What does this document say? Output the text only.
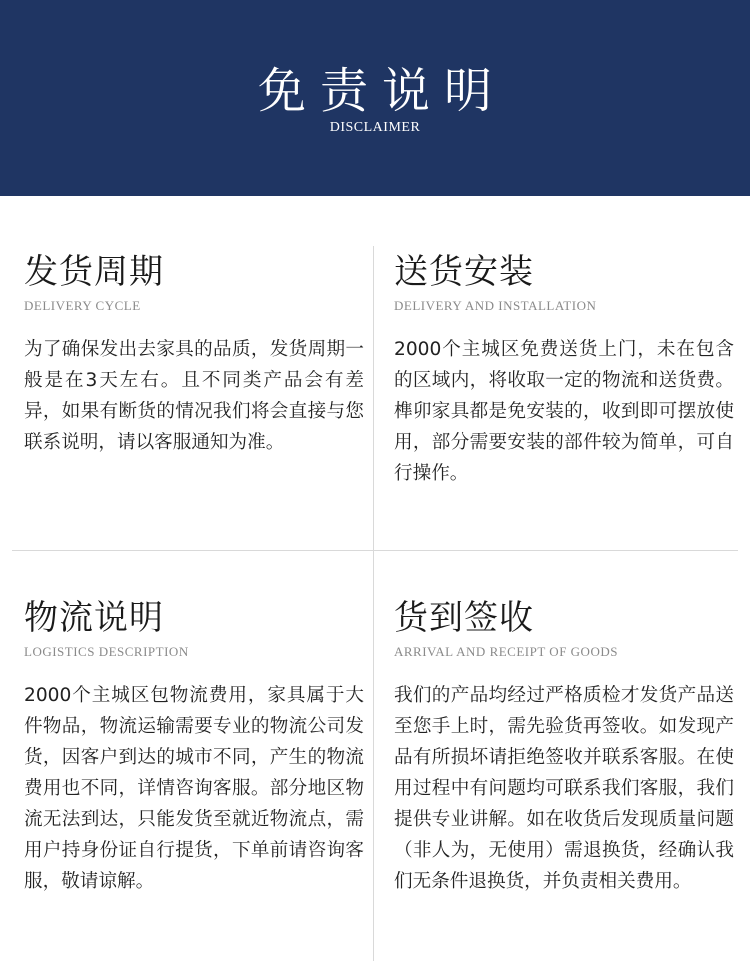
免责说明
DISCLAIMER
发货周期
DELIVERY CYCLE
为了确保发出去家具的品质，发货周期一般是在3天左右。且不同类产品会有差异，如果有断货的情况我们将会直接与您联系说明，请以客服通知为准。
送货安装
DELIVERY AND INSTALLATION
2000个主城区免费送货上门，未在包含的区域内，将收取一定的物流和送货费。榫卯家具都是免安装的，收到即可摆放使用，部分需要安装的部件较为简单，可自行操作。
物流说明
LOGISTICS DESCRIPTION
2000个主城区包物流费用，家具属于大件物品，物流运输需要专业的物流公司发货，因客户到达的城市不同，产生的物流费用也不同，详情咨询客服。部分地区物流无法到达，只能发货至就近物流点，需用户持身份证自行提货，下单前请咨询客服，敬请谅解。
货到签收
ARRIVAL AND RECEIPT OF GOODS
我们的产品均经过严格质检才发货产品送至您手上时，需先验货再签收。如发现产品有所损坏请拒绝签收并联系客服。在使用过程中有问题均可联系我们客服，我们提供专业讲解。如在收货后发现质量问题（非人为，无使用）需退换货，经确认我们无条件退换货，并负责相关费用。
